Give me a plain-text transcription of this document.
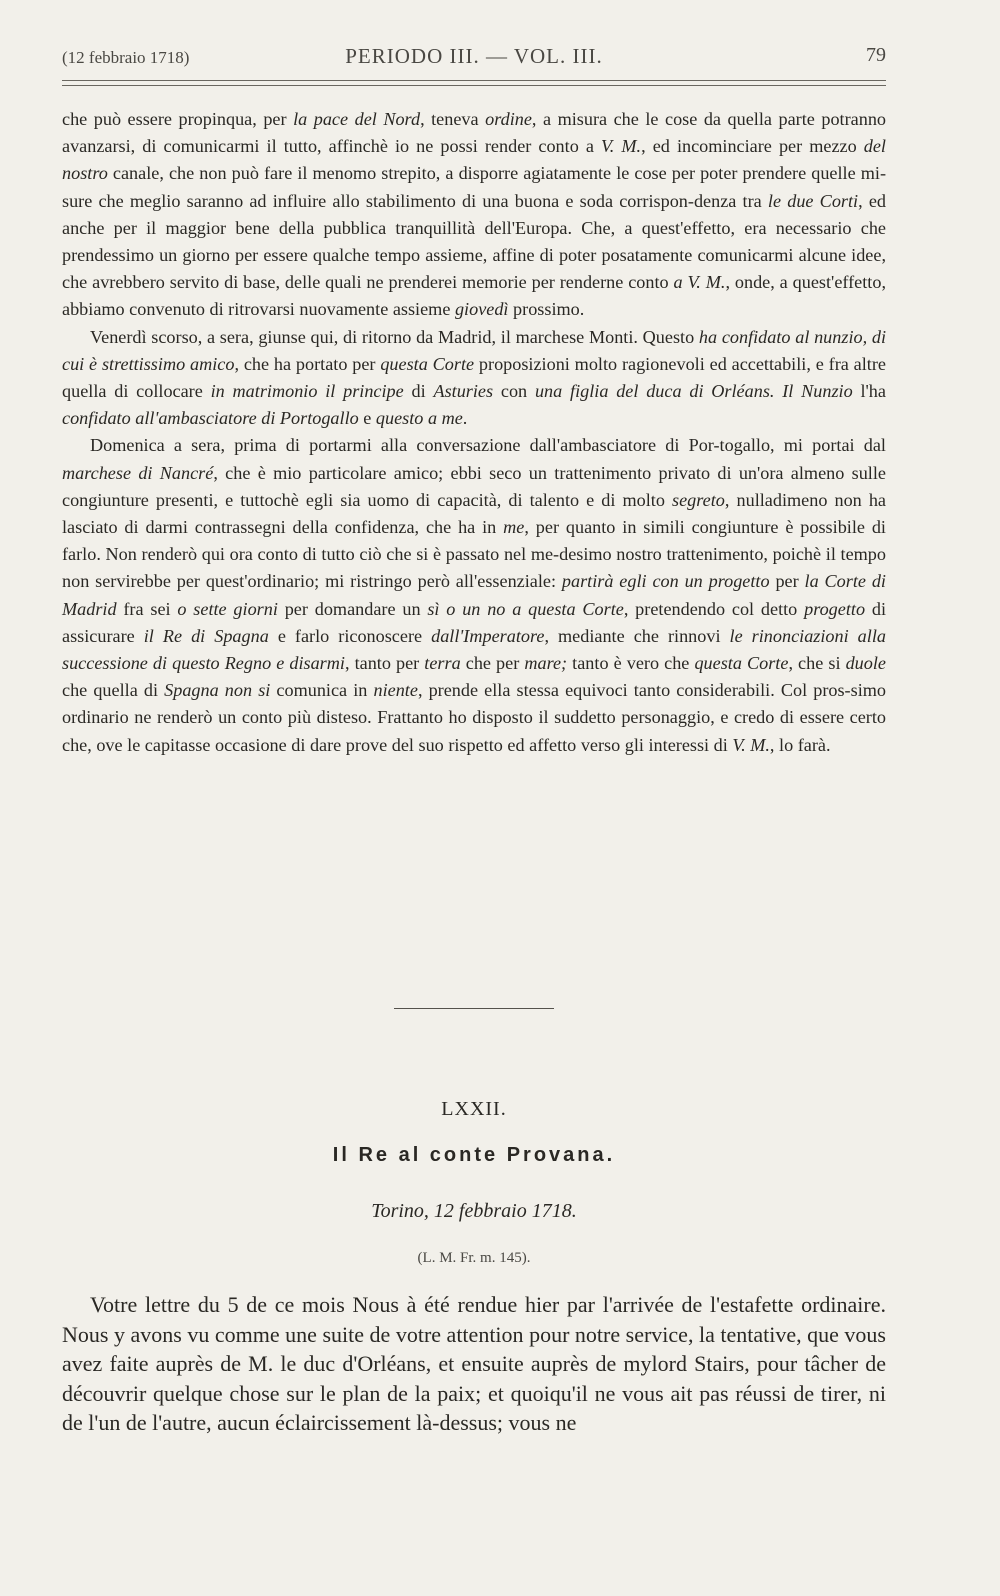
(12 febbraio 1718)	PERIODO III. — VOL. III.	79

che può essere propinqua, per la pace del Nord, teneva ordine, a misura che le cose da quella parte potranno avanzarsi, di comunicarmi il tutto, affinchè io ne possi render conto a V. M., ed incominciare per mezzo del nostro canale, che non può fare il menomo strepito, a disporre agiatamente le cose per poter prendere quelle mi-sure che meglio saranno ad influire allo stabilimento di una buona e soda corrispon-denza tra le due Corti, ed anche per il maggior bene della pubblica tranquillità dell'Europa. Che, a quest'effetto, era necessario che prendessimo un giorno per essere qualche tempo assieme, affine di poter posatamente comunicarmi alcune idee, che avrebbero servito di base, delle quali ne prenderei memorie per renderne conto a V. M., onde, a quest'effetto, abbiamo convenuto di ritrovarsi nuovamente assieme giovedì prossimo.

Venerdì scorso, a sera, giunse qui, di ritorno da Madrid, il marchese Monti. Questo ha confidato al nunzio, di cui è strettissimo amico, che ha portato per questa Corte proposizioni molto ragionevoli ed accettabili, e fra altre quella di collocare in matrimonio il principe di Asturies con una figlia del duca di Orléans. Il Nunzio l'ha confidato all'ambasciatore di Portogallo e questo a me.

Domenica a sera, prima di portarmi alla conversazione dall'ambasciatore di Por-togallo, mi portai dal marchese di Nancré, che è mio particolare amico; ebbi seco un trattenimento privato di un'ora almeno sulle congiunture presenti, e tuttochè egli sia uomo di capacità, di talento e di molto segreto, nulladimeno non ha lasciato di darmi contrassegni della confidenza, che ha in me, per quanto in simili congiunture è possibile di farlo. Non renderò qui ora conto di tutto ciò che si è passato nel me-desimo nostro trattenimento, poichè il tempo non servirebbe per quest'ordinario; mi ristringo però all'essenziale: partirà egli con un progetto per la Corte di Madrid fra sei o sette giorni per domandare un sì o un no a questa Corte, pretendendo col detto progetto di assicurare il Re di Spagna e farlo riconoscere dall'Imperatore, mediante che rinnovi le rinonciazioni alla successione di questo Regno e disarmi, tanto per terra che per mare; tanto è vero che questa Corte, che si duole che quella di Spagna non si comunica in niente, prende ella stessa equivoci tanto considerabili. Col pros-simo ordinario ne renderò un conto più disteso. Frattanto ho disposto il suddetto personaggio, e credo di essere certo che, ove le capitasse occasione di dare prove del suo rispetto ed affetto verso gli interessi di V. M., lo farà.

LXXII.
Il Re al conte Provana.
Torino, 12 febbraio 1718.
(L. M. Fr. m. 145).

Votre lettre du 5 de ce mois Nous à été rendue hier par l'arrivée de l'estafette ordinaire. Nous y avons vu comme une suite de votre attention pour notre service, la tentative, que vous avez faite auprès de M. le duc d'Orléans, et ensuite auprès de mylord Stairs, pour tâcher de découvrir quelque chose sur le plan de la paix; et quoiqu'il ne vous ait pas réussi de tirer, ni de l'un de l'autre, aucun éclaircissement là-dessus; vous ne
